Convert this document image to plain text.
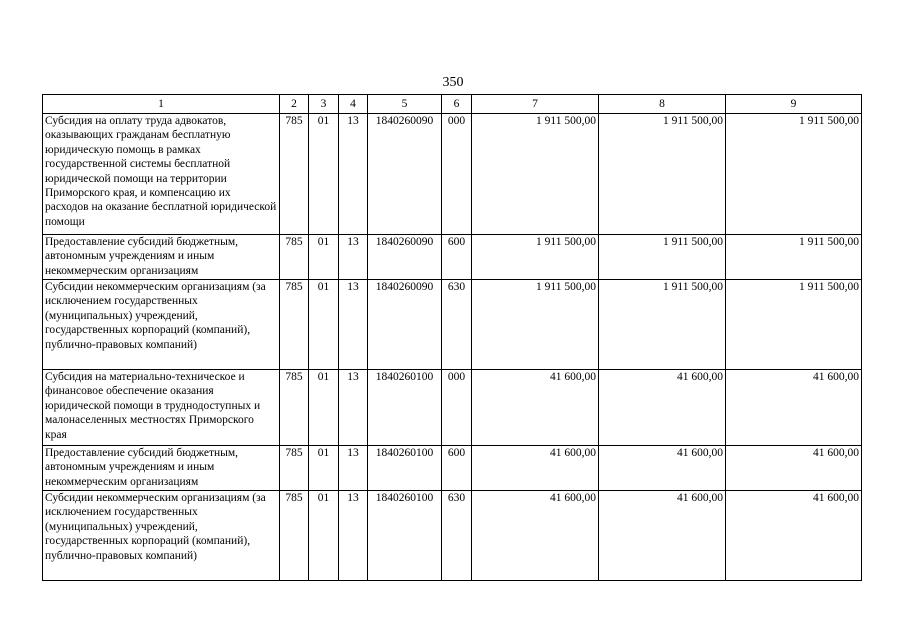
350
1	2	3	4	5	6	7	8	9
Субсидия на оплату труда адвокатов, оказывающих гражданам бесплатную юридическую помощь в рамках государственной системы бесплатной юридической помощи на территории Приморского края, и компенсацию их расходов на оказание бесплатной юридической помощи	785	01	13	1840260090	000	1 911 500,00	1 911 500,00	1 911 500,00
Предоставление субсидий бюджетным, автономным учреждениям и иным некоммерческим организациям	785	01	13	1840260090	600	1 911 500,00	1 911 500,00	1 911 500,00
Субсидии некоммерческим организациям (за исключением государственных (муниципальных) учреждений, государственных корпораций (компаний), публично-правовых компаний)	785	01	13	1840260090	630	1 911 500,00	1 911 500,00	1 911 500,00
Субсидия на материально-техническое и финансовое обеспечение оказания юридической помощи в труднодоступных и малонаселенных местностях Приморского края	785	01	13	1840260100	000	41 600,00	41 600,00	41 600,00
Предоставление субсидий бюджетным, автономным учреждениям и иным некоммерческим организациям	785	01	13	1840260100	600	41 600,00	41 600,00	41 600,00
Субсидии некоммерческим организациям (за исключением государственных (муниципальных) учреждений, государственных корпораций (компаний), публично-правовых компаний)	785	01	13	1840260100	630	41 600,00	41 600,00	41 600,00
